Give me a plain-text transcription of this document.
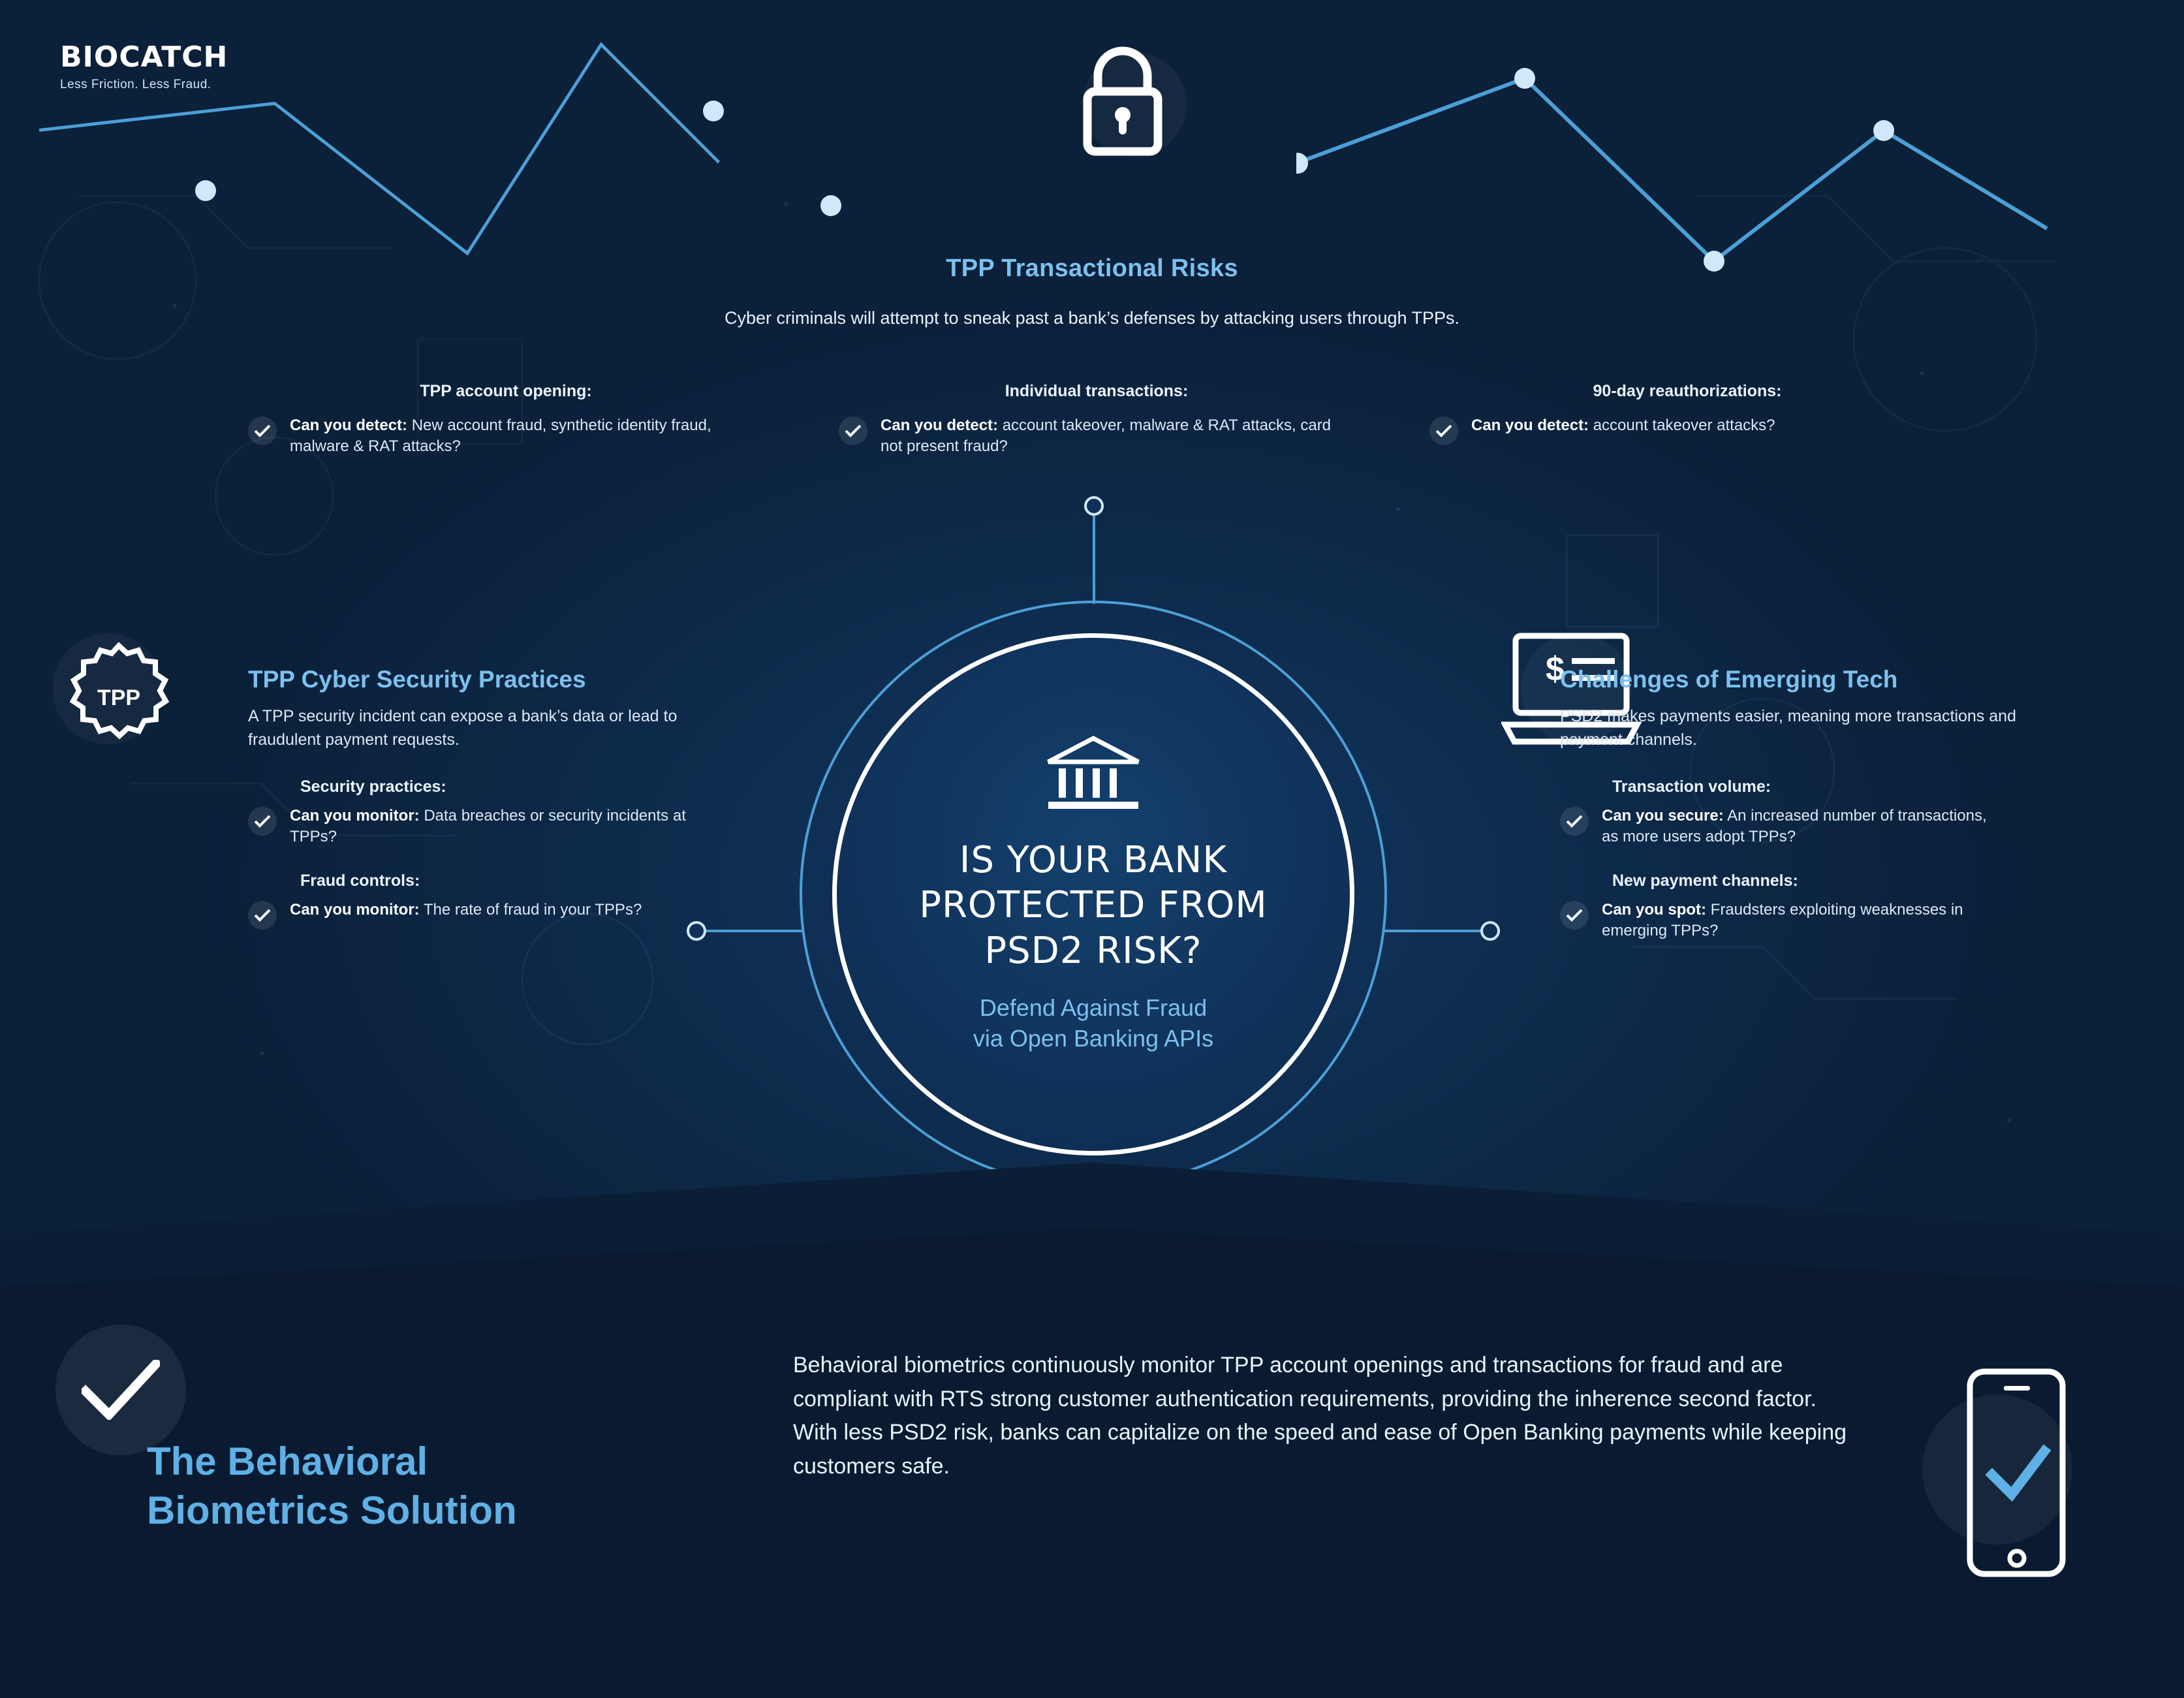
BIOCATCH
Less Friction. Less Fraud.
TPP Transactional Risks
Cyber criminals will attempt to sneak past a bank’s defenses by attacking users through TPPs.
TPP account opening:
Can you detect: New account fraud, synthetic identity fraud, malware & RAT attacks?
Individual transactions:
Can you detect: account takeover, malware & RAT attacks, card not present fraud?
90-day reauthorizations:
Can you detect: account takeover attacks?
IS YOUR BANK
PROTECTED FROM
PSD2 RISK?
Defend Against Fraud
via Open Banking APIs
TPP
TPP Cyber Security Practices
A TPP security incident can expose a bank’s data or lead to fraudulent payment requests.
Security practices:
Can you monitor: Data breaches or security incidents at TPPs?
Fraud controls:
Can you monitor: The rate of fraud in your TPPs?
$
Challenges of Emerging Tech
PSD2 makes payments easier, meaning more transactions and payment channels.
Transaction volume:
Can you secure: An increased number of transactions, as more users adopt TPPs?
New payment channels:
Can you spot: Fraudsters exploiting weaknesses in emerging TPPs?
The Behavioral
Biometrics Solution
Behavioral biometrics continuously monitor TPP account openings and transactions for fraud and are compliant with RTS strong customer authentication requirements, providing the inherence second factor. With less PSD2 risk, banks can capitalize on the speed and ease of Open Banking payments while keeping customers safe.
